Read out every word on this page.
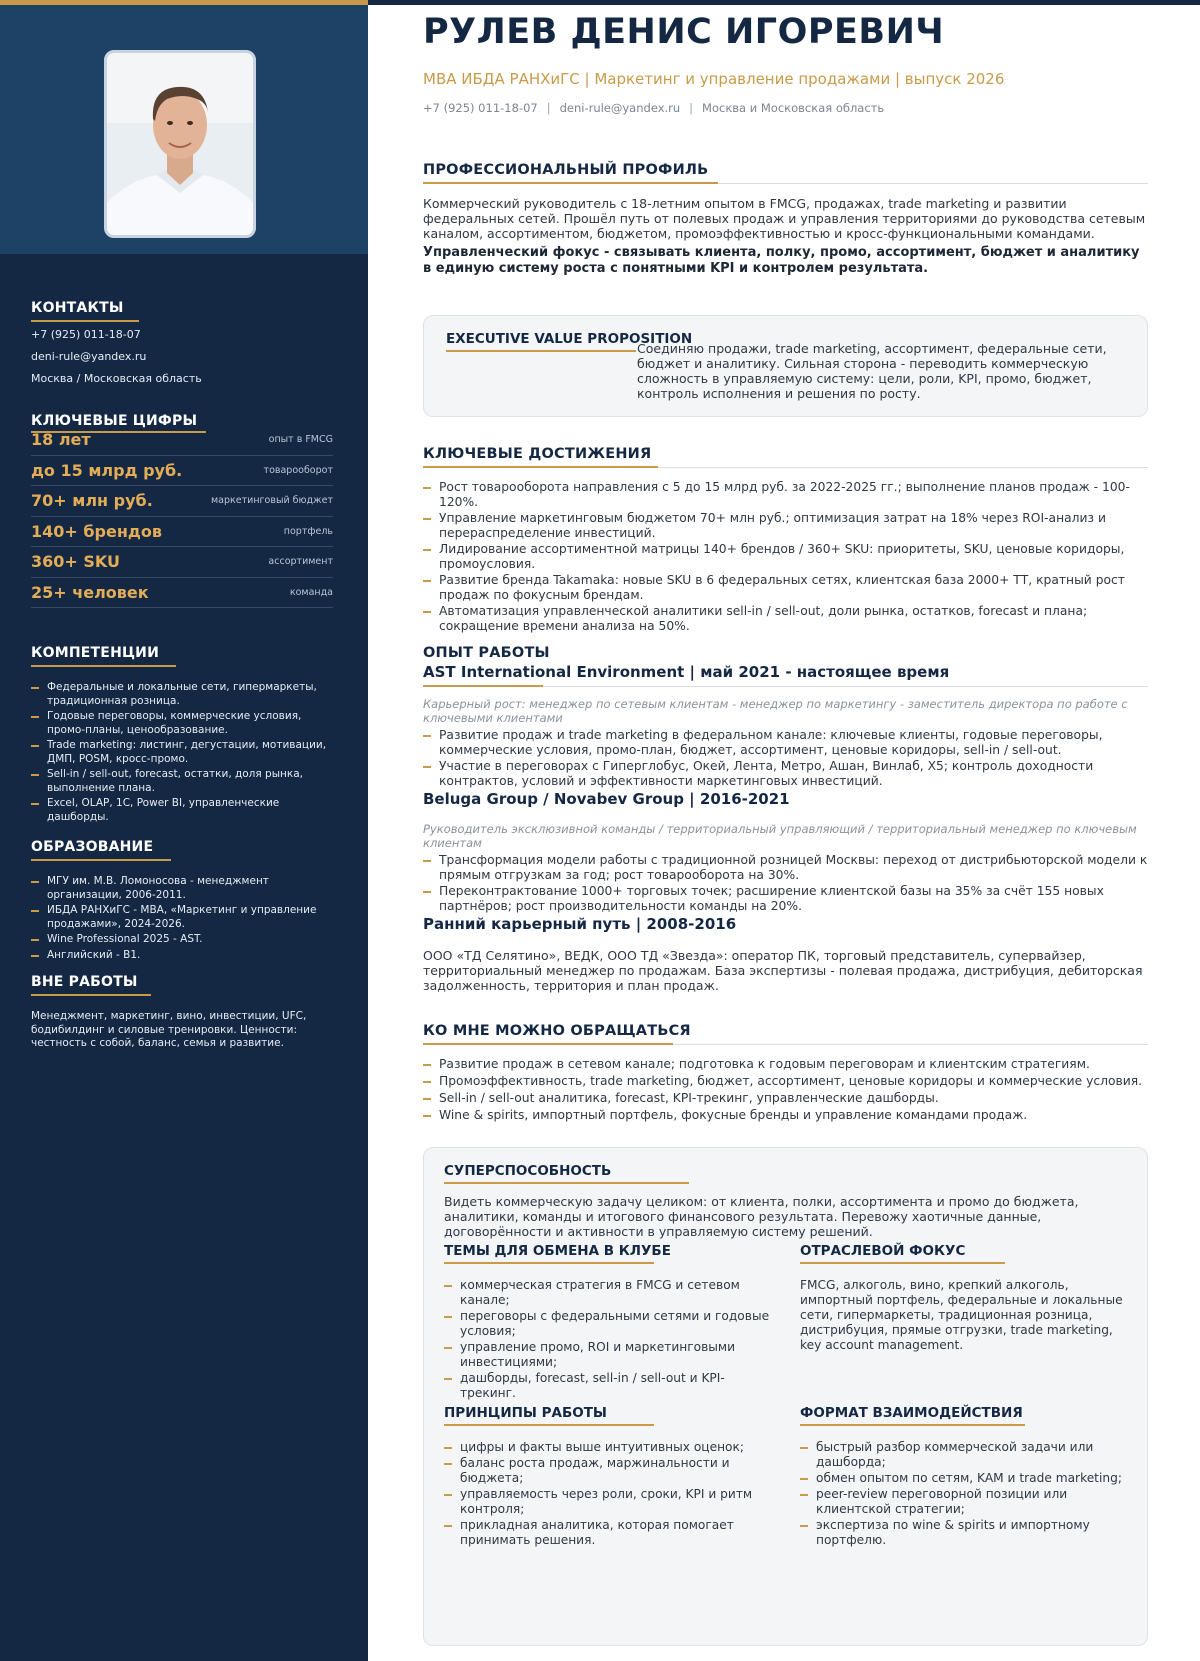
КОНТАКТЫ
+7 (925) 011-18-07
deni-rule@yandex.ru
Москва / Московская область
КЛЮЧЕВЫЕ ЦИФРЫ
18 лет	опыт в FMCG
до 15 млрд руб.	товарооборот
70+ млн руб.	маркетинговый бюджет
140+ брендов	портфель
360+ SKU	ассортимент
25+ человек	команда
КОМПЕТЕНЦИИ
Федеральные и локальные сети, гипермаркеты, традиционная розница.
Годовые переговоры, коммерческие условия, промо-планы, ценообразование.
Trade marketing: листинг, дегустации, мотивации, ДМП, POSM, кросс-промо.
Sell-in / sell-out, forecast, остатки, доля рынка, выполнение плана.
Excel, OLAP, 1С, Power BI, управленческие дашборды.
ОБРАЗОВАНИЕ
МГУ им. М.В. Ломоносова - менеджмент организации, 2006-2011.
ИБДА РАНХиГС - MBA, «Маркетинг и управление продажами», 2024-2026.
Wine Professional 2025 - AST.
Английский - B1.
ВНЕ РАБОТЫ
Менеджмент, маркетинг, вино, инвестиции, UFC, бодибилдинг и силовые тренировки. Ценности: честность с собой, баланс, семья и развитие.
РУЛЕВ ДЕНИС ИГОРЕВИЧ
MBA ИБДА РАНХиГС | Маркетинг и управление продажами | выпуск 2026
+7 (925) 011-18-07 | deni-rule@yandex.ru | Москва и Московская область
ПРОФЕССИОНАЛЬНЫЙ ПРОФИЛЬ
Коммерческий руководитель с 18-летним опытом в FMCG, продажах, trade marketing и развитии федеральных сетей. Прошёл путь от полевых продаж и управления территориями до руководства сетевым каналом, ассортиментом, бюджетом, промоэффективностью и кросс-функциональными командами.
Управленческий фокус - связывать клиента, полку, промо, ассортимент, бюджет и аналитику в единую систему роста с понятными KPI и контролем результата.
EXECUTIVE VALUE PROPOSITION
Соединяю продажи, trade marketing, ассортимент, федеральные сети, бюджет и аналитику. Сильная сторона - переводить коммерческую сложность в управляемую систему: цели, роли, KPI, промо, бюджет, контроль исполнения и решения по росту.
КЛЮЧЕВЫЕ ДОСТИЖЕНИЯ
Рост товарооборота направления с 5 до 15 млрд руб. за 2022-2025 гг.; выполнение планов продаж - 100-120%.
Управление маркетинговым бюджетом 70+ млн руб.; оптимизация затрат на 18% через ROI-анализ и перераспределение инвестиций.
Лидирование ассортиментной матрицы 140+ брендов / 360+ SKU: приоритеты, SKU, ценовые коридоры, промоусловия.
Развитие бренда Takamaka: новые SKU в 6 федеральных сетях, клиентская база 2000+ ТТ, кратный рост продаж по фокусным брендам.
Автоматизация управленческой аналитики sell-in / sell-out, доли рынка, остатков, forecast и плана; сокращение времени анализа на 50%.
ОПЫТ РАБОТЫ
AST International Environment | май 2021 - настоящее время
Карьерный рост: менеджер по сетевым клиентам - менеджер по маркетингу - заместитель директора по работе с ключевыми клиентами
Развитие продаж и trade marketing в федеральном канале: ключевые клиенты, годовые переговоры, коммерческие условия, промо-план, бюджет, ассортимент, ценовые коридоры, sell-in / sell-out.
Участие в переговорах с Гиперглобус, Окей, Лента, Метро, Ашан, Винлаб, X5; контроль доходности контрактов, условий и эффективности маркетинговых инвестиций.
Beluga Group / Novabev Group | 2016-2021
Руководитель эксклюзивной команды / территориальный управляющий / территориальный менеджер по ключевым клиентам
Трансформация модели работы с традиционной розницей Москвы: переход от дистрибьюторской модели к прямым отгрузкам за год; рост товарооборота на 30%.
Переконтрактование 1000+ торговых точек; расширение клиентской базы на 35% за счёт 155 новых партнёров; рост производительности команды на 20%.
Ранний карьерный путь | 2008-2016
ООО «ТД Селятино», ВЕДК, ООО ТД «Звезда»: оператор ПК, торговый представитель, супервайзер, территориальный менеджер по продажам. База экспертизы - полевая продажа, дистрибуция, дебиторская задолженность, территория и план продаж.
КО МНЕ МОЖНО ОБРАЩАТЬСЯ
Развитие продаж в сетевом канале; подготовка к годовым переговорам и клиентским стратегиям.
Промоэффективность, trade marketing, бюджет, ассортимент, ценовые коридоры и коммерческие условия.
Sell-in / sell-out аналитика, forecast, KPI-трекинг, управленческие дашборды.
Wine & spirits, импортный портфель, фокусные бренды и управление командами продаж.
СУПЕРСПОСОБНОСТЬ
Видеть коммерческую задачу целиком: от клиента, полки, ассортимента и промо до бюджета, аналитики, команды и итогового финансового результата. Перевожу хаотичные данные, договорённости и активности в управляемую систему решений.
ТЕМЫ ДЛЯ ОБМЕНА В КЛУБЕ
коммерческая стратегия в FMCG и сетевом канале;
переговоры с федеральными сетями и годовые условия;
управление промо, ROI и маркетинговыми инвестициями;
дашборды, forecast, sell-in / sell-out и KPI-трекинг.
ОТРАСЛЕВОЙ ФОКУС
FMCG, алкоголь, вино, крепкий алкоголь, импортный портфель, федеральные и локальные сети, гипермаркеты, традиционная розница, дистрибуция, прямые отгрузки, trade marketing, key account management.
ПРИНЦИПЫ РАБОТЫ
цифры и факты выше интуитивных оценок;
баланс роста продаж, маржинальности и бюджета;
управляемость через роли, сроки, KPI и ритм контроля;
прикладная аналитика, которая помогает принимать решения.
ФОРМАТ ВЗАИМОДЕЙСТВИЯ
быстрый разбор коммерческой задачи или дашборда;
обмен опытом по сетям, KAM и trade marketing;
peer-review переговорной позиции или клиентской стратегии;
экспертиза по wine & spirits и импортному портфелю.
